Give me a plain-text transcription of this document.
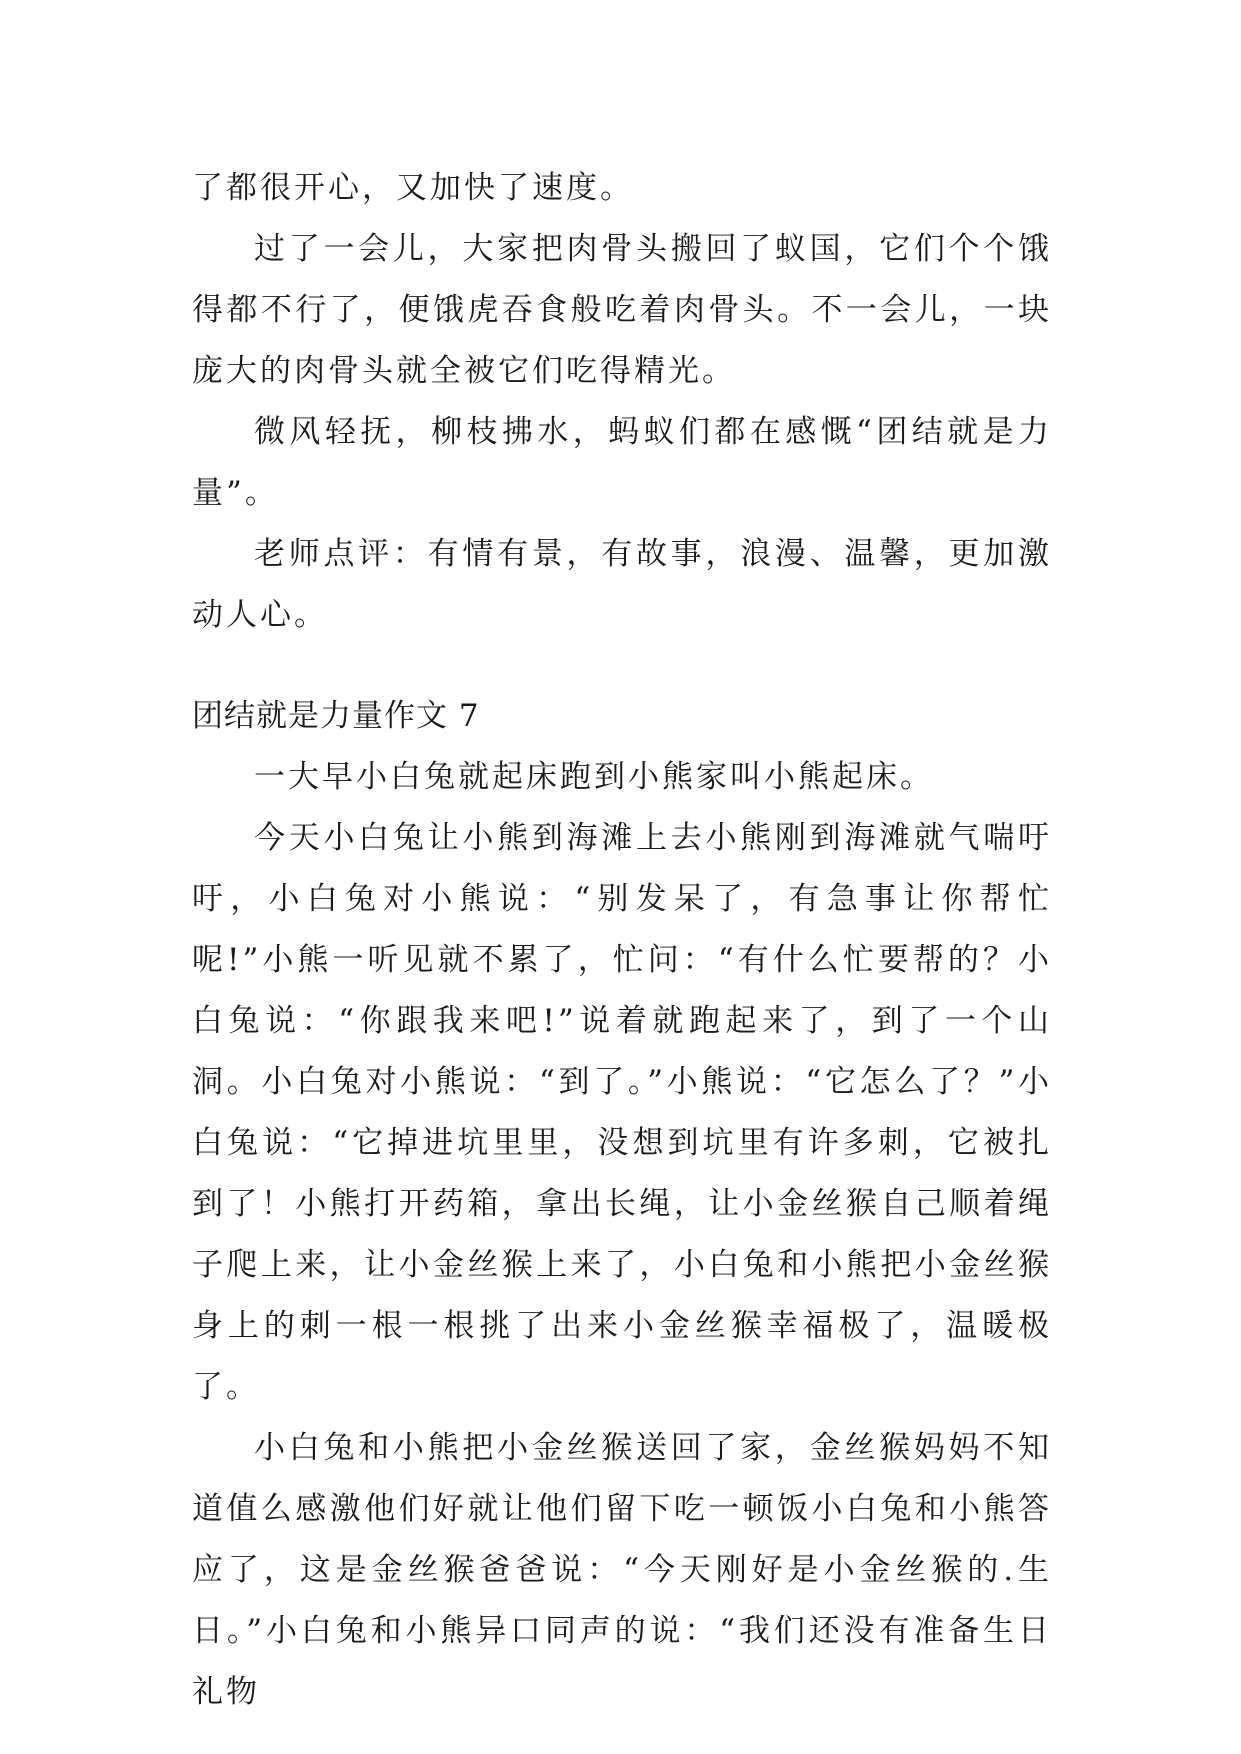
了都很开心，又加快了速度。

过了一会儿，大家把肉骨头搬回了蚁国，它们个个饿得都不行了，便饿虎吞食般吃着肉骨头。不一会儿，一块庞大的肉骨头就全被它们吃得精光。

微风轻抚，柳枝拂水，蚂蚁们都在感慨“团结就是力量”。

老师点评：有情有景，有故事，浪漫、温馨，更加激动人心。

团结就是力量作文 7

一大早小白兔就起床跑到小熊家叫小熊起床。

今天小白兔让小熊到海滩上去小熊刚到海滩就气喘吁吁，小白兔对小熊说：“别发呆了，有急事让你帮忙呢!”小熊一听见就不累了，忙问：“有什么忙要帮的？小白兔说：“你跟我来吧!”说着就跑起来了，到了一个山洞。小白兔对小熊说：“到了。”小熊说：“它怎么了？”小白兔说：“它掉进坑里里，没想到坑里有许多刺，它被扎到了！小熊打开药箱，拿出长绳，让小金丝猴自己顺着绳子爬上来，让小金丝猴上来了，小白兔和小熊把小金丝猴身上的刺一根一根挑了出来小金丝猴幸福极了，温暖极了。

小白兔和小熊把小金丝猴送回了家，金丝猴妈妈不知道值么感激他们好就让他们留下吃一顿饭小白兔和小熊答应了，这是金丝猴爸爸说：“今天刚好是小金丝猴的.生日。”小白兔和小熊异口同声的说：“我们还没有准备生日礼物
